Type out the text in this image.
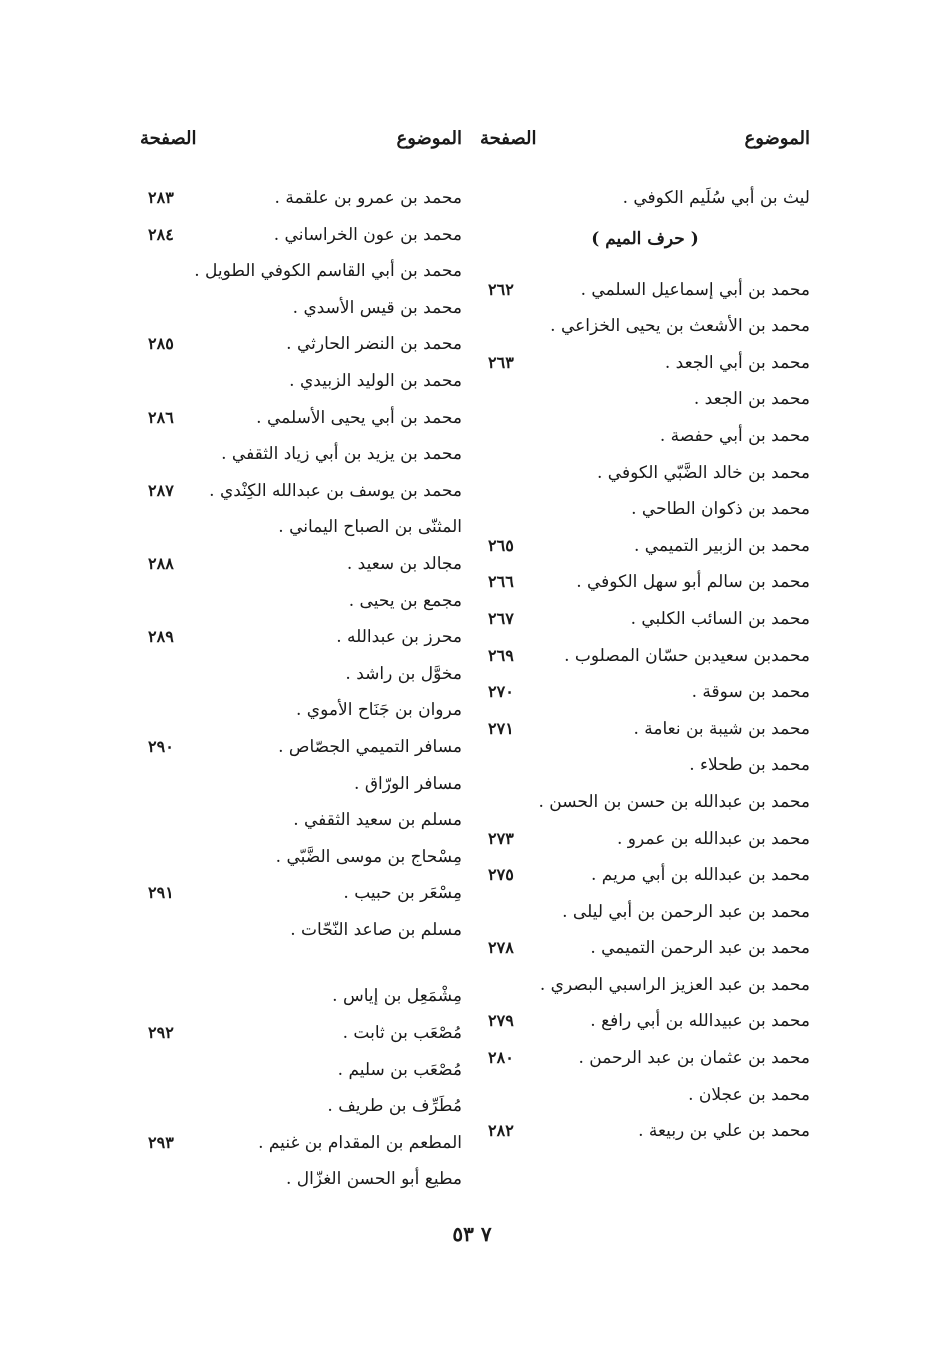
الموضوع
الصفحة
ليث بن أبي سُلَيم الكوفي .
( حرف الميم )
محمد بن أبي إسماعيل السلمي .
٢٦٢
محمد بن الأشعث بن يحيى الخزاعي .
محمد بن أبي الجعد .
٢٦٣
محمد بن الجعد .
محمد بن أبي حفصة .
محمد بن خالد الضَّبّي الكوفي .
محمد بن ذكوان الطاحي .
محمد بن الزبير التميمي .
٢٦٥
محمد بن سالم أبو سهل الكوفي .
٢٦٦
محمد بن السائب الكلبي .
٢٦٧
محمدبن سعيدبن حسّان المصلوب .
٢٦٩
محمد بن سوقة .
٢٧٠
محمد بن شيبة بن نعامة .
٢٧١
محمد بن طحلاء .
محمد بن عبدالله بن حسن بن الحسن .
محمد بن عبدالله بن عمرو .
٢٧٣
محمد بن عبدالله بن أبي مريم .
٢٧٥
محمد بن عبد الرحمن بن أبي ليلى .
محمد بن عبد الرحمن التميمي .
٢٧٨
محمد بن عبد العزيز الراسبي البصري .
محمد بن عبيدالله بن أبي رافع .
٢٧٩
محمد بن عثمان بن عبد الرحمن .
٢٨٠
محمد بن عجلان .
محمد بن علي بن ربيعة .
٢٨٢
الموضوع
الصفحة
محمد بن عمرو بن علقمة .
٢٨٣
محمد بن عون الخراساني .
٢٨٤
محمد بن أبي القاسم الكوفي الطويل .
محمد بن قيس الأسدي .
محمد بن النضر الحارثي .
٢٨٥
محمد بن الوليد الزبيدي .
محمد بن أبي يحيى الأسلمي .
٢٨٦
محمد بن يزيد بن أبي زياد الثقفي .
محمد بن يوسف بن عبدالله الكِنْدي .
٢٨٧
المثنّى بن الصباح اليماني .
مجالد بن سعيد .
٢٨٨
مجمع بن يحيى .
محرز بن عبدالله .
٢٨٩
مخوَّل بن راشد .
مروان بن جَنَاح الأموي .
مسافر التميمي الجصّاص .
٢٩٠
مسافر الورّاق .
مسلم بن سعيد الثقفي .
مِسْحاج بن موسى الضَّبّي .
مِسْعَر بن حبيب .
٢٩١
مسلم بن صاعد النّحّات .
مِشْمَعِل بن إياس .
مُصْعَب بن ثابت .
٢٩٢
مُصْعَب بن سليم .
مُطَرِّف بن طريف .
المطعم بن المقدام بن غنيم .
٢٩٣
مطيع أبو الحسن الغزّال .
٧ ٥٣
